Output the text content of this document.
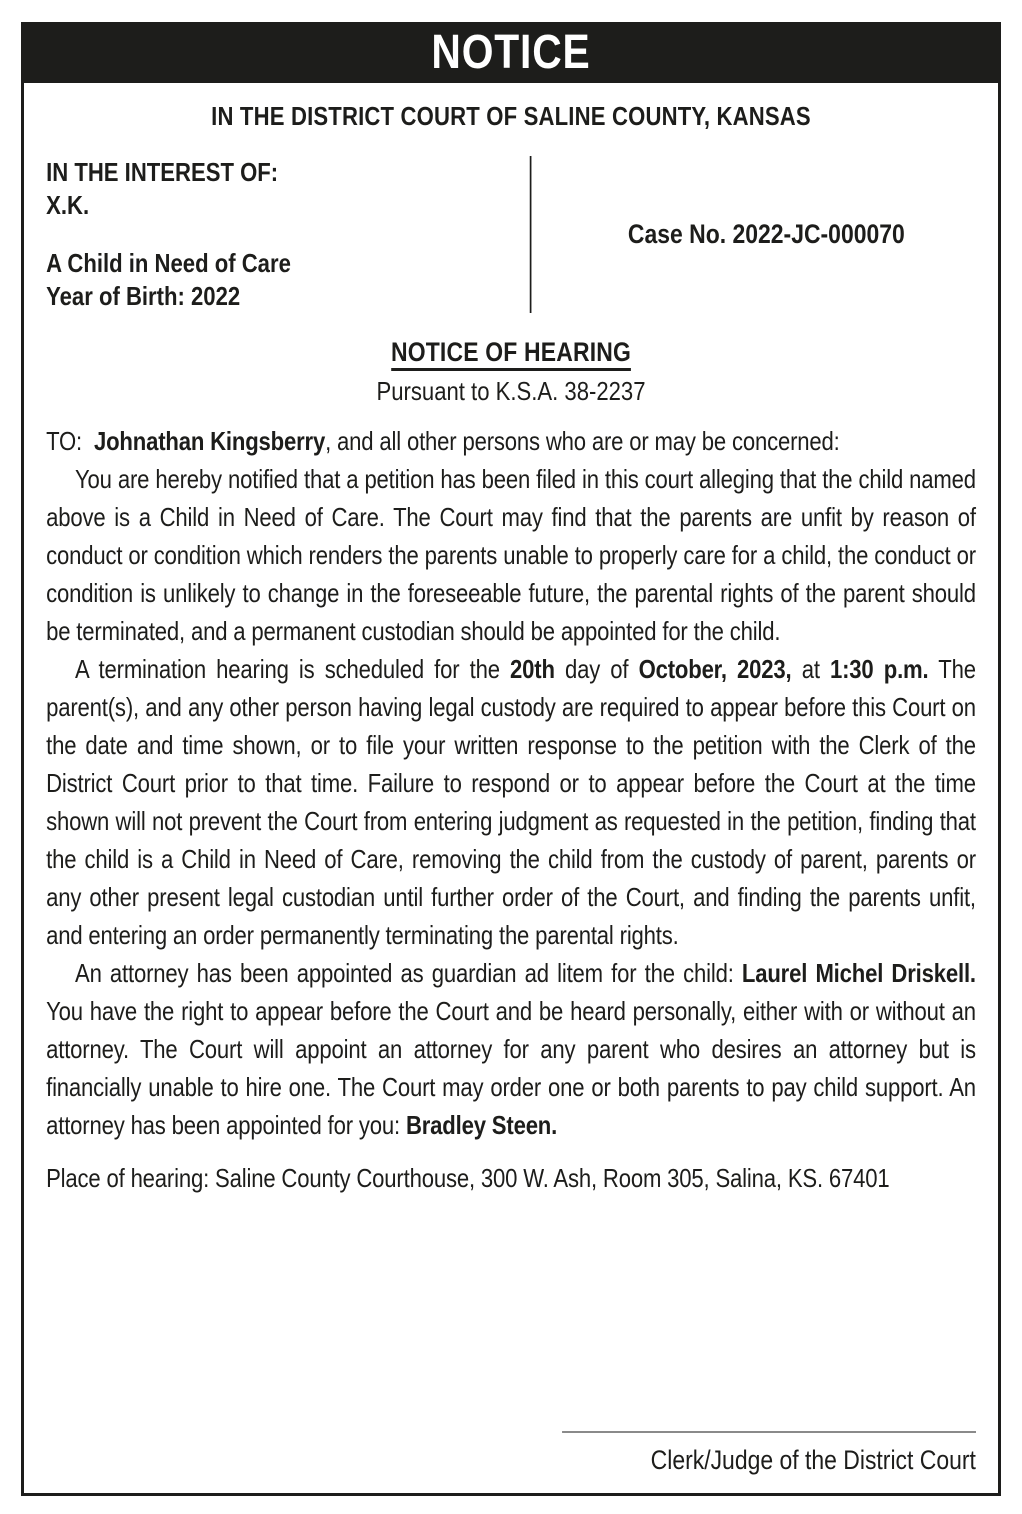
NOTICE
IN THE DISTRICT COURT OF SALINE COUNTY, KANSAS

IN THE INTEREST OF:

X.K.

A Child in Need of Care

Year of Birth: 2022

Case No. 2022-JC-000070

NOTICE OF HEARING

Pursuant to K.S.A. 38-2237

TO:  Johnathan Kingsberry, and all other persons who are or may be concerned:

You are hereby notified that a petition has been filed in this court alleging that the child named above is a Child in Need of Care. The Court may find that the parents are unfit by reason of conduct or condition which renders the parents unable to properly care for a child, the conduct or condition is unlikely to change in the foreseeable future, the parental rights of the parent should be terminated, and a permanent custodian should be appointed for the child.

A termination hearing is scheduled for the 20th day of October, 2023, at 1:30 p.m. The parent(s), and any other person having legal custody are required to appear before this Court on the date and time shown, or to file your written response to the petition with the Clerk of the District Court prior to that time. Failure to respond or to appear before the Court at the time shown will not prevent the Court from entering judgment as requested in the petition, finding that the child is a Child in Need of Care, removing the child from the custody of parent, parents or any other present legal custodian until further order of the Court, and finding the parents unfit, and entering an order permanently terminating the parental rights.

An attorney has been appointed as guardian ad litem for the child: Laurel Michel Driskell. You have the right to appear before the Court and be heard personally, either with or without an attorney. The Court will appoint an attorney for any parent who desires an attorney but is financially unable to hire one. The Court may order one or both parents to pay child support. An attorney has been appointed for you: Bradley Steen.

Place of hearing: Saline County Courthouse, 300 W. Ash, Room 305, Salina, KS. 67401

Clerk/Judge of the District Court
